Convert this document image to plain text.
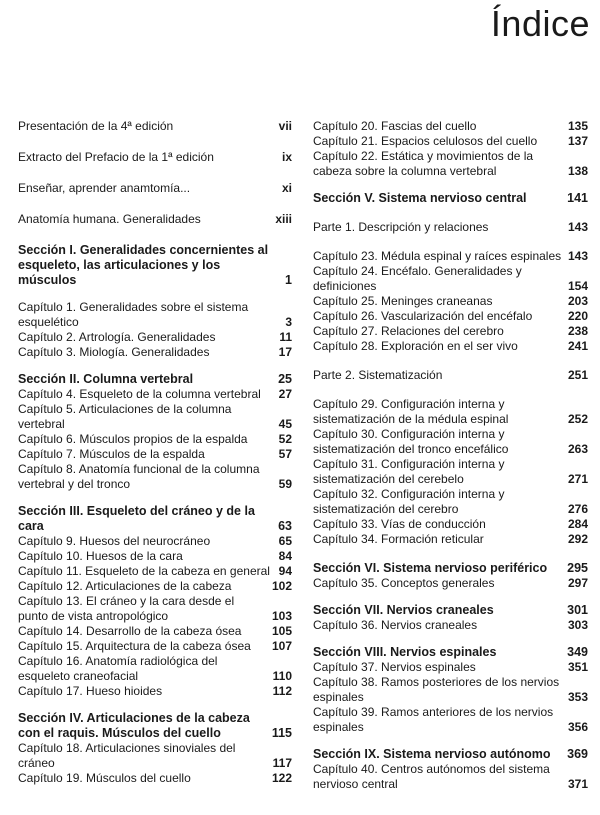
Índice
Presentación de la 4ª edición	vii
Extracto del Prefacio de la 1ª edición	ix
Enseñar, aprender anamtomía...	xi
Anatomía humana. Generalidades	xiii
Sección I. Generalidades concernientes al esqueleto, las articulaciones y los músculos	1
Capítulo 1. Generalidades sobre el sistema esquelético	3
Capítulo 2. Artrología. Generalidades	11
Capítulo 3. Miología. Generalidades	17
Sección II. Columna vertebral	25
Capítulo 4. Esqueleto de la columna vertebral	27
Capítulo 5. Articulaciones de la columna vertebral	45
Capítulo 6. Músculos propios de la espalda	52
Capítulo 7. Músculos de la espalda	57
Capítulo 8. Anatomía funcional de la columna vertebral y del tronco	59
Sección III. Esqueleto del cráneo y de la cara	63
Capítulo 9. Huesos del neurocráneo	65
Capítulo 10. Huesos de la cara	84
Capítulo 11. Esqueleto de la cabeza en general 94
Capítulo 12. Articulaciones de la cabeza	102
Capítulo 13. El cráneo y la cara desde el punto de vista antropológico	103
Capítulo 14. Desarrollo de la cabeza ósea	105
Capítulo 15. Arquitectura de la cabeza ósea	107
Capítulo 16. Anatomía radiológica del esqueleto craneofacial	110
Capítulo 17. Hueso hioides	112
Sección IV. Articulaciones de la cabeza con el raquis. Músculos del cuello	115
Capítulo 18. Articulaciones sinoviales del cráneo	117
Capítulo 19. Músculos del cuello	122
Capítulo 20. Fascias del cuello	135
Capítulo 21. Espacios celulosos del cuello	137
Capítulo 22. Estática y movimientos de la cabeza sobre la columna vertebral	138
Sección V. Sistema nervioso central	141
Parte 1. Descripción y relaciones	143
Capítulo 23. Médula espinal y raíces espinales 143
Capítulo 24. Encéfalo. Generalidades y definiciones	154
Capítulo 25. Meninges craneanas	203
Capítulo 26. Vascularización del encéfalo	220
Capítulo 27. Relaciones del cerebro	238
Capítulo 28. Exploración en el ser vivo	241
Parte 2. Sistematización	251
Capítulo 29. Configuración interna y sistematización de la médula espinal	252
Capítulo 30. Configuración interna y sistematización del tronco encefálico	263
Capítulo 31. Configuración interna y sistematización del cerebelo	271
Capítulo 32. Configuración interna y sistematización del cerebro	276
Capítulo 33. Vías de conducción	284
Capítulo 34. Formación reticular	292
Sección VI. Sistema nervioso periférico	295
Capítulo 35. Conceptos generales	297
Sección VII. Nervios craneales	301
Capítulo 36. Nervios craneales	303
Sección VIII. Nervios espinales	349
Capítulo 37. Nervios espinales	351
Capítulo 38. Ramos posteriores de los nervios espinales	353
Capítulo 39. Ramos anteriores de los nervios espinales	356
Sección IX. Sistema nervioso autónomo	369
Capítulo 40. Centros autónomos del sistema nervioso central	371
